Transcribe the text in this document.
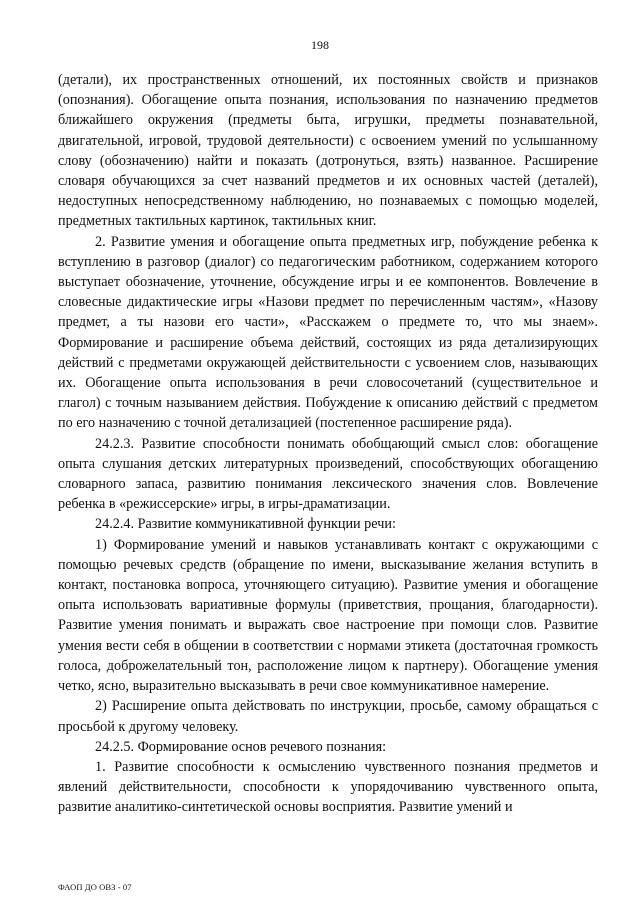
198

(детали), их пространственных отношений, их постоянных свойств и признаков (опознания). Обогащение опыта познания, использования по назначению предметов ближайшего окружения (предметы быта, игрушки, предметы познавательной, двигательной, игровой, трудовой деятельности) с освоением умений по услышанному слову (обозначению) найти и показать (дотронуться, взять) названное. Расширение словаря обучающихся за счет названий предметов и их основных частей (деталей), недоступных непосредственному наблюдению, но познаваемых с помощью моделей, предметных тактильных картинок, тактильных книг.

2. Развитие умения и обогащение опыта предметных игр, побуждение ребенка к вступлению в разговор (диалог) со педагогическим работником, содержанием которого выступает обозначение, уточнение, обсуждение игры и ее компонентов. Вовлечение в словесные дидактические игры «Назови предмет по перечисленным частям», «Назову предмет, а ты назови его части», «Расскажем о предмете то, что мы знаем». Формирование и расширение объема действий, состоящих из ряда детализирующих действий с предметами окружающей действительности с усвоением слов, называющих их. Обогащение опыта использования в речи словосочетаний (существительное и глагол) с точным называнием действия. Побуждение к описанию действий с предметом по его назначению с точной детализацией (постепенное расширение ряда).

24.2.3. Развитие способности понимать обобщающий смысл слов: обогащение опыта слушания детских литературных произведений, способствующих обогащению словарного запаса, развитию понимания лексического значения слов. Вовлечение ребенка в «режиссерские» игры, в игры-драматизации.

24.2.4. Развитие коммуникативной функции речи:

1) Формирование умений и навыков устанавливать контакт с окружающими с помощью речевых средств (обращение по имени, высказывание желания вступить в контакт, постановка вопроса, уточняющего ситуацию). Развитие умения и обогащение опыта использовать вариативные формулы (приветствия, прощания, благодарности). Развитие умения понимать и выражать свое настроение при помощи слов. Развитие умения вести себя в общении в соответствии с нормами этикета (достаточная громкость голоса, доброжелательный тон, расположение лицом к партнеру). Обогащение умения четко, ясно, выразительно высказывать в речи свое коммуникативное намерение.

2) Расширение опыта действовать по инструкции, просьбе, самому обращаться с просьбой к другому человеку.

24.2.5. Формирование основ речевого познания:

1. Развитие способности к осмыслению чувственного познания предметов и явлений действительности, способности к упорядочиванию чувственного опыта, развитие аналитико-синтетической основы восприятия. Развитие умений и

ФАОП ДО ОВЗ - 07
